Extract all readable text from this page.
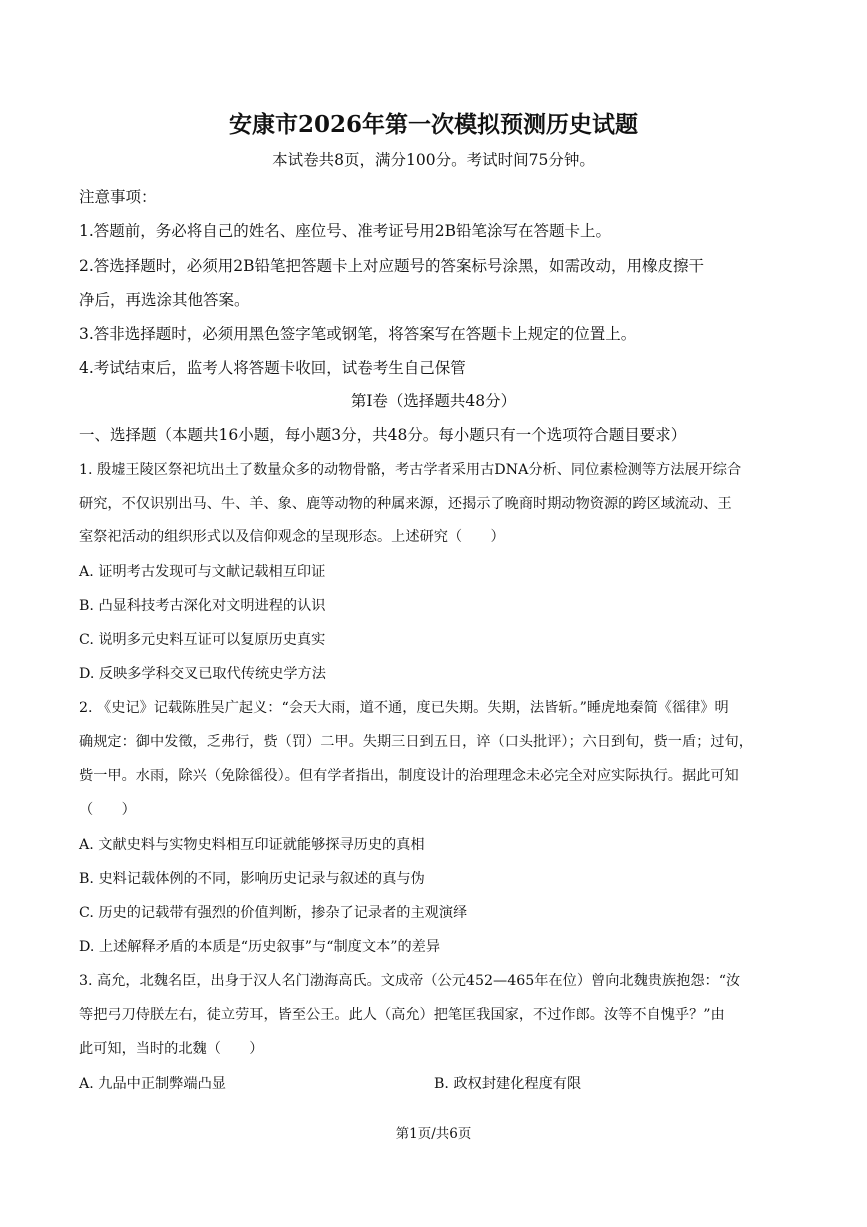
安康市2026年第一次模拟预测历史试题
本试卷共8页，满分100分。考试时间75分钟。
注意事项：
1.答题前，务必将自己的姓名、座位号、准考证号用2B铅笔涂写在答题卡上。
2.答选择题时，必须用2B铅笔把答题卡上对应题号的答案标号涂黑，如需改动，用橡皮擦干
净后，再选涂其他答案。
3.答非选择题时，必须用黑色签字笔或钢笔，将答案写在答题卡上规定的位置上。
4.考试结束后，监考人将答题卡收回，试卷考生自己保管
第Ⅰ卷（选择题共48分）
一、选择题（本题共16小题，每小题3分，共48分。每小题只有一个选项符合题目要求）
1. 殷墟王陵区祭祀坑出土了数量众多的动物骨骼，考古学者采用古DNA分析、同位素检测等方法展开综合
研究，不仅识别出马、牛、羊、象、鹿等动物的种属来源，还揭示了晚商时期动物资源的跨区域流动、王
室祭祀活动的组织形式以及信仰观念的呈现形态。上述研究（　　）
A. 证明考古发现可与文献记载相互印证
B. 凸显科技考古深化对文明进程的认识
C. 说明多元史料互证可以复原历史真实
D. 反映多学科交叉已取代传统史学方法
2. 《史记》记载陈胜吴广起义：“会天大雨，道不通，度已失期。失期，法皆斩。”睡虎地秦简《徭律》明
确规定：御中发徵，乏弗行，赀（罚）二甲。失期三日到五日，谇（口头批评）；六日到旬，赀一盾；过旬，
赀一甲。水雨，除兴（免除徭役）。但有学者指出，制度设计的治理理念未必完全对应实际执行。据此可知
（　　）
A. 文献史料与实物史料相互印证就能够探寻历史的真相
B. 史料记载体例的不同，影响历史记录与叙述的真与伪
C. 历史的记载带有强烈的价值判断，掺杂了记录者的主观演绎
D. 上述解释矛盾的本质是“历史叙事”与“制度文本”的差异
3. 高允，北魏名臣，出身于汉人名门渤海高氏。文成帝（公元452—465年在位）曾向北魏贵族抱怨：“汝
等把弓刀侍朕左右，徒立劳耳，皆至公王。此人（高允）把笔匡我国家，不过作郎。汝等不自愧乎？”由
此可知，当时的北魏（　　）
A. 九品中正制弊端凸显	B. 政权封建化程度有限
第1页/共6页
